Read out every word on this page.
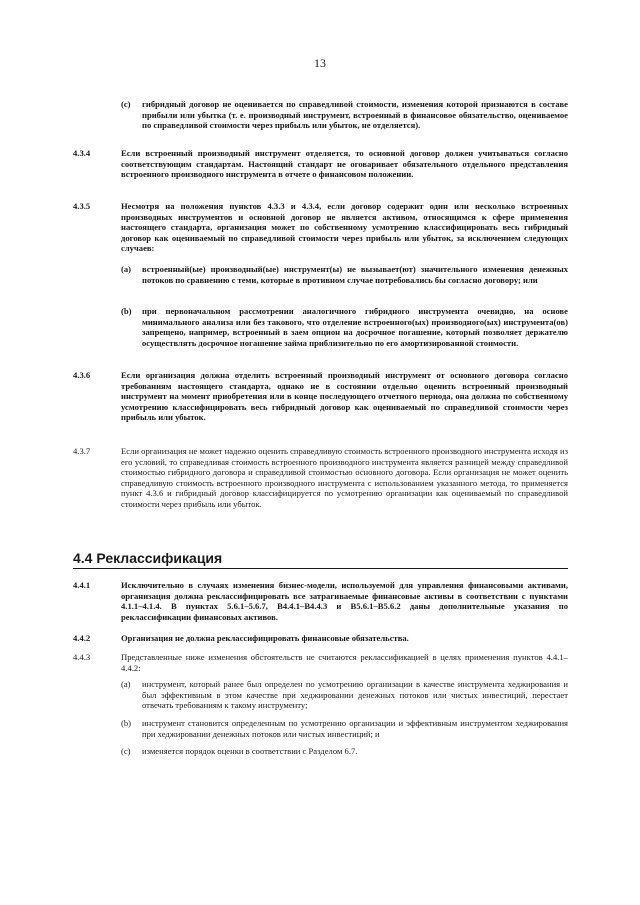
13
(c) гибридный договор не оценивается по справедливой стоимости, изменения которой признаются в составе прибыли или убытка (т. е. производный инструмент, встроенный в финансовое обязательство, оцениваемое по справедливой стоимости через прибыль или убыток, не отделяется).
4.3.4	Если встроенный производный инструмент отделяется, то основной договор должен учитываться согласно соответствующим стандартам. Настоящий стандарт не оговаривает обязательного отдельного представления встроенного производного инструмента в отчете о финансовом положении.
4.3.5	Несмотря на положения пунктов 4.3.3 и 4.3.4, если договор содержит один или несколько встроенных производных инструментов и основной договор не является активом, относящимся к сфере применения настоящего стандарта, организация может по собственному усмотрению классифицировать весь гибридный договор как оцениваемый по справедливой стоимости через прибыль или убыток, за исключением следующих случаев:
(a) встроенный(ые) производный(ые) инструмент(ы) не вызывает(ют) значительного изменения денежных потоков по сравнению с теми, которые в противном случае потребовались бы согласно договору; или
(b) при первоначальном рассмотрении аналогичного гибридного инструмента очевидно, на основе минимального анализа или без такового, что отделение встроенного(ых) производного(ых) инструмента(ов) запрещено, например, встроенный в заем опцион на досрочное погашение, который позволяет держателю осуществлять досрочное погашение займа приблизительно по его амортизированной стоимости.
4.3.6	Если организация должна отделить встроенный производный инструмент от основного договора согласно требованиям настоящего стандарта, однако не в состоянии отдельно оценить встроенный производный инструмент на момент приобретения или в конце последующего отчетного периода, она должна по собственному усмотрению классифицировать весь гибридный договор как оцениваемый по справедливой стоимости через прибыль или убыток.
4.3.7	Если организация не может надежно оценить справедливую стоимость встроенного производного инструмента исходя из его условий, то справедливая стоимость встроенного производного инструмента является разницей между справедливой стоимостью гибридного договора и справедливой стоимостью основного договора. Если организация не может оценить справедливую стоимость встроенного производного инструмента с использованием указанного метода, то применяется пункт 4.3.6 и гибридный договор классифицируется по усмотрению организации как оцениваемый по справедливой стоимости через прибыль или убыток.
4.4 Реклассификация
4.4.1	Исключительно в случаях изменения бизнес-модели, используемой для управления финансовыми активами, организация должна реклассифицировать все затрагиваемые финансовые активы в соответствии с пунктами 4.1.1–4.1.4. В пунктах 5.6.1–5.6.7, B4.4.1–B4.4.3 и B5.6.1–B5.6.2 даны дополнительные указания по реклассификации финансовых активов.
4.4.2	Организация не должна реклассифицировать финансовые обязательства.
4.4.3	Представленные ниже изменения обстоятельств не считаются реклассификацией в целях применения пунктов 4.4.1–4.4.2:
(a) инструмент, который ранее был определен по усмотрению организации в качестве инструмента хеджирования и был эффективным в этом качестве при хеджировании денежных потоков или чистых инвестиций, перестает отвечать требованиям к такому инструменту;
(b) инструмент становится определенным по усмотрению организации и эффективным инструментом хеджирования при хеджировании денежных потоков или чистых инвестиций; и
(c) изменяется порядок оценки в соответствии с Разделом 6.7.
